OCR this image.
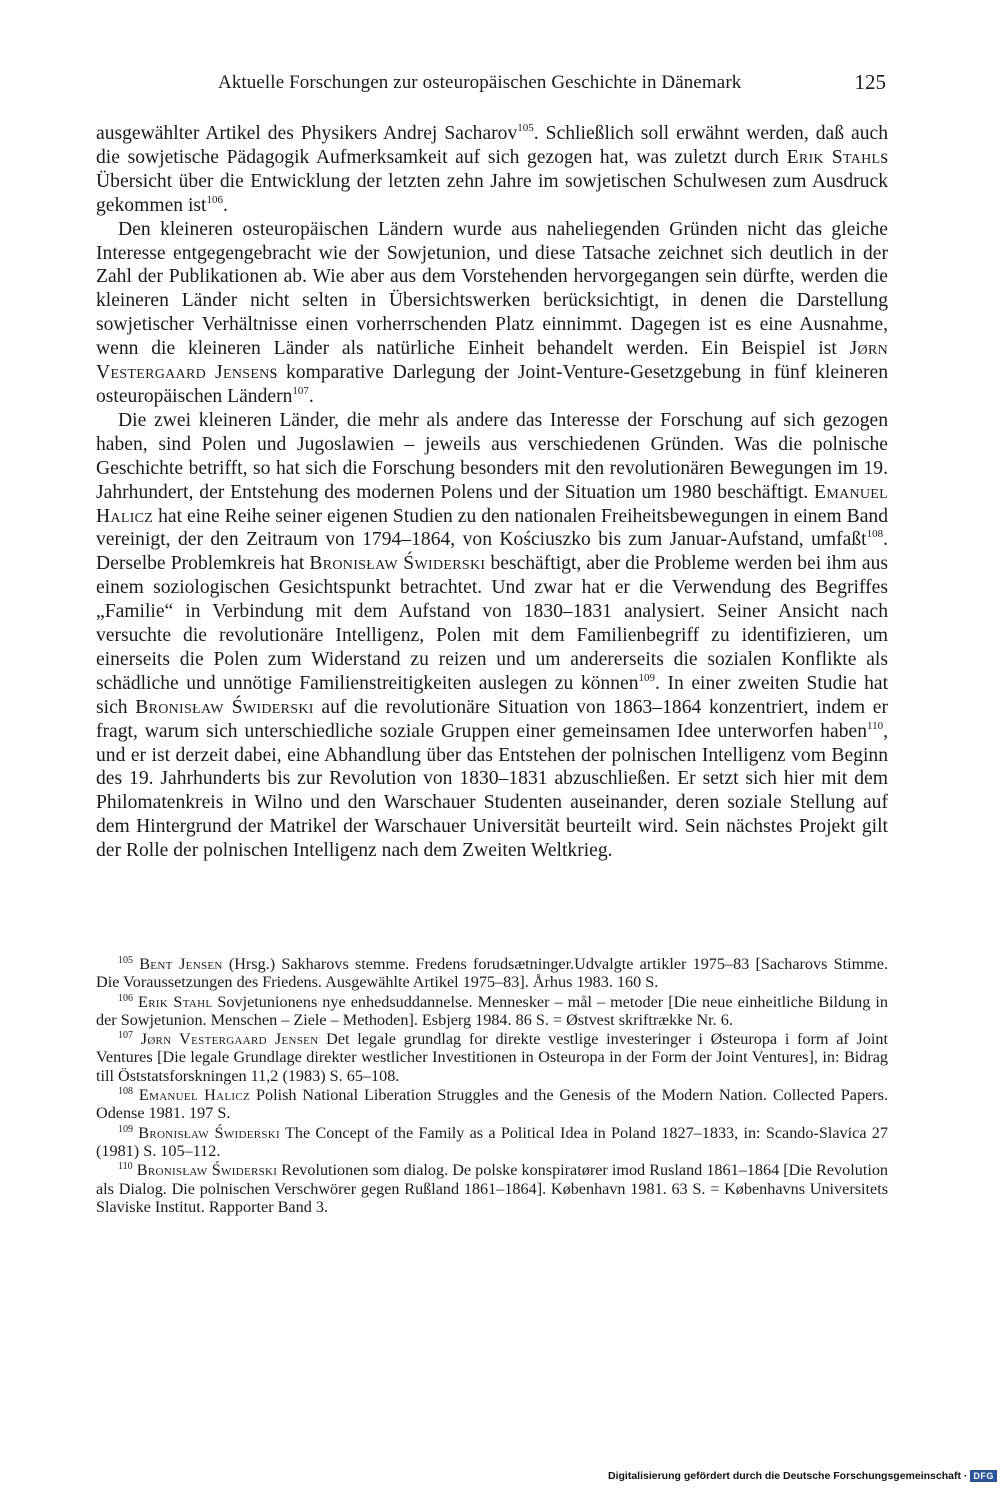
Aktuelle Forschungen zur osteuropäischen Geschichte in Dänemark	125

ausgewählter Artikel des Physikers Andrej Sacharov$^{105}$. Schließlich soll erwähnt werden, daß auch die sowjetische Pädagogik Aufmerksamkeit auf sich gezogen hat, was zuletzt durch Erik Stahls Übersicht über die Entwicklung der letzten zehn Jahre im sowjetischen Schulwesen zum Ausdruck gekommen ist$^{106}$.

Den kleineren osteuropäischen Ländern wurde aus naheliegenden Gründen nicht das gleiche Interesse entgegengebracht wie der Sowjetunion, und diese Tatsache zeichnet sich deutlich in der Zahl der Publikationen ab. Wie aber aus dem Vorstehenden hervorgegangen sein dürfte, werden die kleineren Länder nicht selten in Übersichtswerken berücksichtigt, in denen die Darstellung sowjetischer Verhältnisse einen vorherrschenden Platz einnimmt. Dagegen ist es eine Ausnahme, wenn die kleineren Länder als natürliche Einheit behandelt werden. Ein Beispiel ist Jørn Vestergaard Jensens komparative Darlegung der Joint-Venture-Gesetzgebung in fünf kleineren osteuropäischen Ländern$^{107}$.

Die zwei kleineren Länder, die mehr als andere das Interesse der Forschung auf sich gezogen haben, sind Polen und Jugoslawien – jeweils aus verschiedenen Gründen. Was die polnische Geschichte betrifft, so hat sich die Forschung besonders mit den revolutionären Bewegungen im 19. Jahrhundert, der Entstehung des modernen Polens und der Situation um 1980 beschäftigt. Emanuel Halicz hat eine Reihe seiner eigenen Studien zu den nationalen Freiheitsbewegungen in einem Band vereinigt, der den Zeitraum von 1794–1864, von Kościuszko bis zum Januar-Aufstand, umfaßt$^{108}$. Derselbe Problemkreis hat Bronisław Świderski beschäftigt, aber die Probleme werden bei ihm aus einem soziologischen Gesichtspunkt betrachtet. Und zwar hat er die Verwendung des Begriffes „Familie“ in Verbindung mit dem Aufstand von 1830–1831 analysiert. Seiner Ansicht nach versuchte die revolutionäre Intelligenz, Polen mit dem Familienbegriff zu identifizieren, um einerseits die Polen zum Widerstand zu reizen und um andererseits die sozialen Konflikte als schädliche und unnötige Familienstreitigkeiten auslegen zu können$^{109}$. In einer zweiten Studie hat sich Bronisław Świderski auf die revolutionäre Situation von 1863–1864 konzentriert, indem er fragt, warum sich unterschiedliche soziale Gruppen einer gemeinsamen Idee unterworfen haben$^{110}$, und er ist derzeit dabei, eine Abhandlung über das Entstehen der polnischen Intelligenz vom Beginn des 19. Jahrhunderts bis zur Revolution von 1830–1831 abzuschließen. Er setzt sich hier mit dem Philomatenkreis in Wilno und den Warschauer Studenten auseinander, deren soziale Stellung auf dem Hintergrund der Matrikel der Warschauer Universität beurteilt wird. Sein nächstes Projekt gilt der Rolle der polnischen Intelligenz nach dem Zweiten Weltkrieg.

$^{105}$ Bent Jensen (Hrsg.) Sakharovs stemme. Fredens forudsætninger.Udvalgte artikler 1975–83 [Sacharovs Stimme. Die Voraussetzungen des Friedens. Ausgewählte Artikel 1975–83]. Århus 1983. 160 S.

$^{106}$ Erik Stahl Sovjetunionens nye enhedsuddannelse. Mennesker – mål – metoder [Die neue einheitliche Bildung in der Sowjetunion. Menschen – Ziele – Methoden]. Esbjerg 1984. 86 S. = Østvest skriftrække Nr. 6.

$^{107}$ Jørn Vestergaard Jensen Det legale grundlag for direkte vestlige investeringer i Østeuropa i form af Joint Ventures [Die legale Grundlage direkter westlicher Investitionen in Osteuropa in der Form der Joint Ventures], in: Bidrag till Öststatsforskningen 11,2 (1983) S. 65–108.

$^{108}$ Emanuel Halicz Polish National Liberation Struggles and the Genesis of the Modern Nation. Collected Papers. Odense 1981. 197 S.

$^{109}$ Bronisław Świderski The Concept of the Family as a Political Idea in Poland 1827–1833, in: Scando-Slavica 27 (1981) S. 105–112.

$^{110}$ Bronisław Świderski Revolutionen som dialog. De polske konspiratører imod Rusland 1861–1864 [Die Revolution als Dialog. Die polnischen Verschwörer gegen Rußland 1861–1864]. København 1981. 63 S. = Københavns Universitets Slaviske Institut. Rapporter Band 3.

Digitalisierung gefördert durch die Deutsche Forschungsgemeinschaft · DFG
